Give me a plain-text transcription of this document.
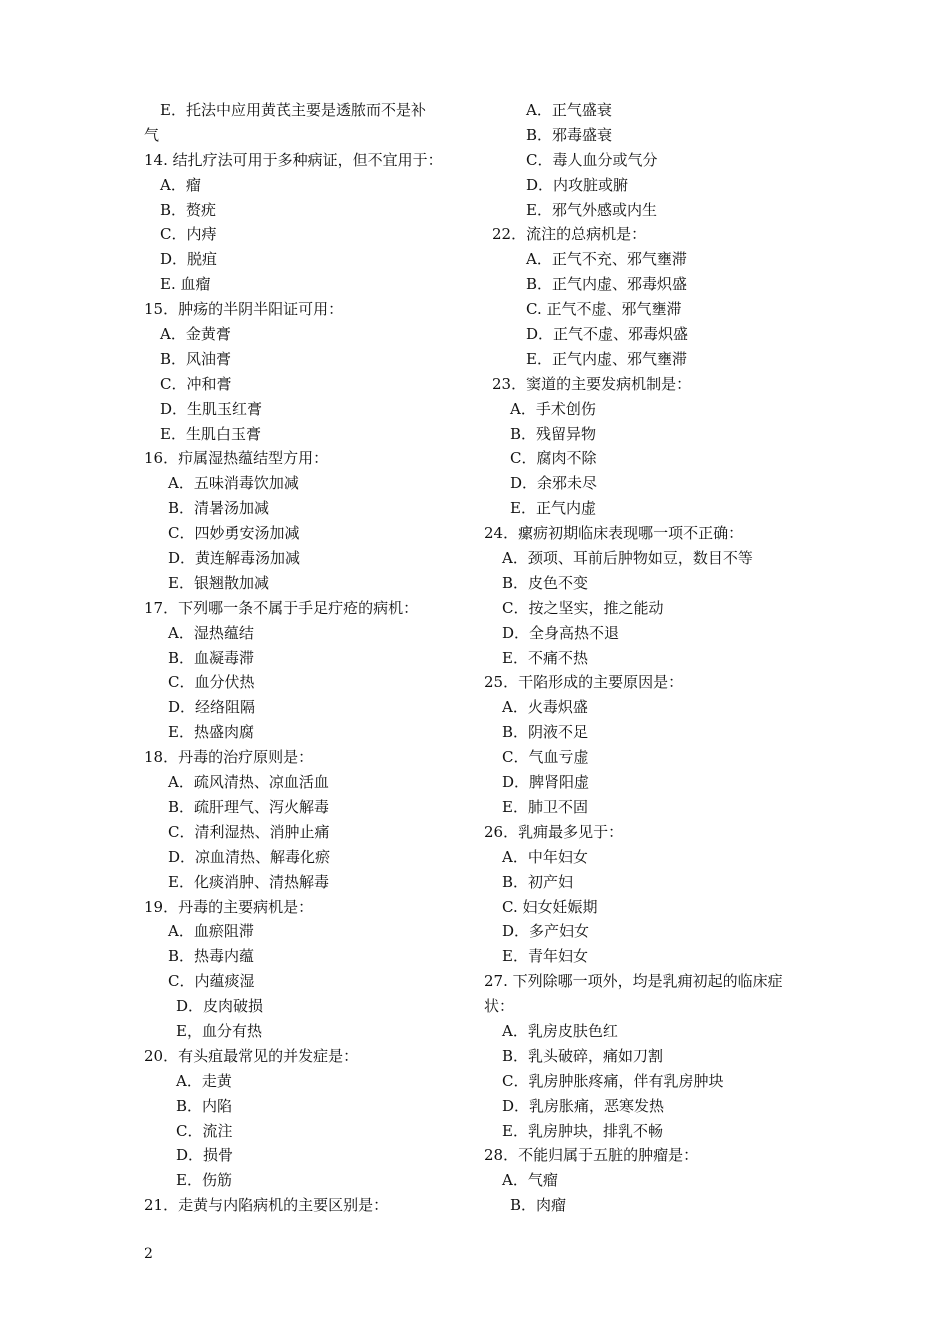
E．托法中应用黄芪主要是透脓而不是补
气
14. 结扎疗法可用于多种病证，但不宜用于：
A．瘤
B．赘疣
C．内痔
D．脱疽
E. 血瘤
15．肿疡的半阴半阳证可用：
A．金黄膏
B．风油膏
C．冲和膏
D．生肌玉红膏
E．生肌白玉膏
16．疖属湿热蕴结型方用：
A．五味消毒饮加减
B．清暑汤加减
C．四妙勇安汤加减
D．黄连解毒汤加减
E．银翘散加减
17．下列哪一条不属于手足疔疮的病机：
A．湿热蕴结
B．血凝毒滞
C．血分伏热
D．经络阻隔
E．热盛肉腐
18．丹毒的治疗原则是：
A．疏风清热、凉血活血
B．疏肝理气、泻火解毒
C．清利湿热、消肿止痛
D．凉血清热、解毒化瘀
E．化痰消肿、清热解毒
19．丹毒的主要病机是：
A．血瘀阻滞
B．热毒内蕴
C．内蕴痰湿
D．皮肉破损
E，血分有热
20．有头疽最常见的并发症是：
A．走黄
B．内陷
C．流注
D．损骨
E．伤筋
21．走黄与内陷病机的主要区别是：
A．正气盛衰
B．邪毒盛衰
C．毒人血分或气分
D．内攻脏或腑
E．邪气外感或内生
22．流注的总病机是：
A．正气不充、邪气壅滞
B．正气内虚、邪毒炽盛
C. 正气不虚、邪气壅滞
D．正气不虚、邪毒炽盛
E．正气内虚、邪气壅滞
23．窦道的主要发病机制是：
A．手术创伤
B．残留异物
C．腐肉不除
D．余邪未尽
E．正气内虚
24．瘰疬初期临床表现哪一项不正确：
A．颈项、耳前后肿物如豆，数目不等
B．皮色不变
C．按之坚实，推之能动
D．全身高热不退
E．不痛不热
25．干陷形成的主要原因是：
A．火毒炽盛
B．阴液不足
C．气血亏虚
D．脾肾阳虚
E．肺卫不固
26．乳痈最多见于：
A．中年妇女
B．初产妇
C. 妇女妊娠期
D．多产妇女
E．青年妇女
27. 下列除哪一项外，均是乳痈初起的临床症
状：
A．乳房皮肤色红
B．乳头破碎，痛如刀割
C．乳房肿胀疼痛，伴有乳房肿块
D．乳房胀痛，恶寒发热
E．乳房肿块，排乳不畅
28．不能归属于五脏的肿瘤是：
A．气瘤
B．肉瘤
2
